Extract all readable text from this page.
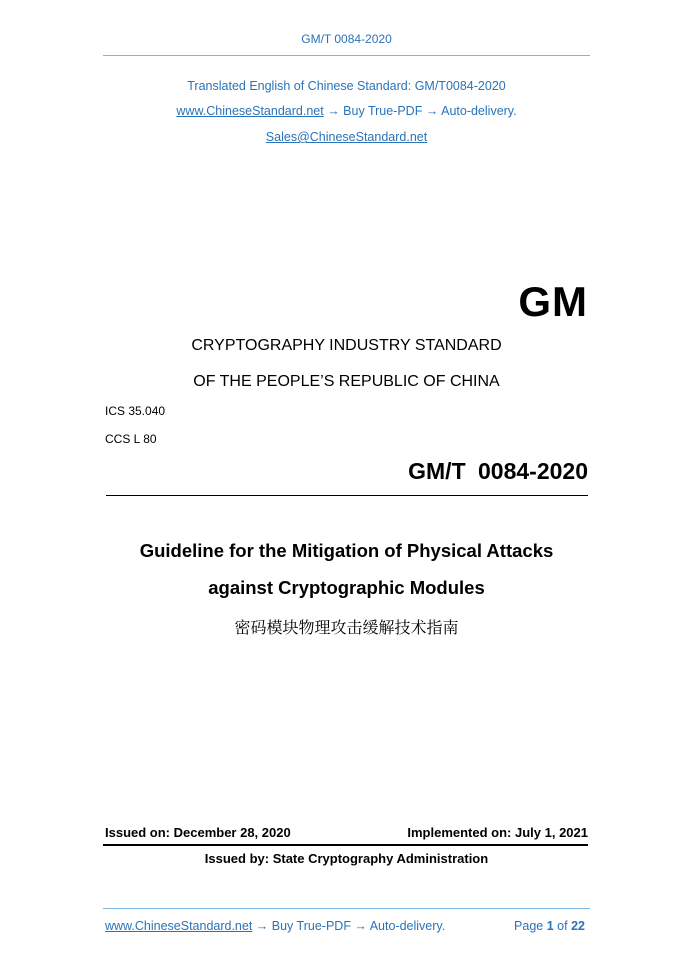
GM/T 0084-2020
Translated English of Chinese Standard: GM/T0084-2020
www.ChineseStandard.net → Buy True-PDF → Auto-delivery.
Sales@ChineseStandard.net
GM
CRYPTOGRAPHY INDUSTRY STANDARD
OF THE PEOPLE’S REPUBLIC OF CHINA
ICS 35.040
CCS L 80
GM/T 0084-2020
Guideline for the Mitigation of Physical Attacks
against Cryptographic Modules
密码模块物理攻击缓解技术指南
Issued on: December 28, 2020	Implemented on: July 1, 2021
Issued by: State Cryptography Administration
www.ChineseStandard.net → Buy True-PDF → Auto-delivery.	Page 1 of 22
